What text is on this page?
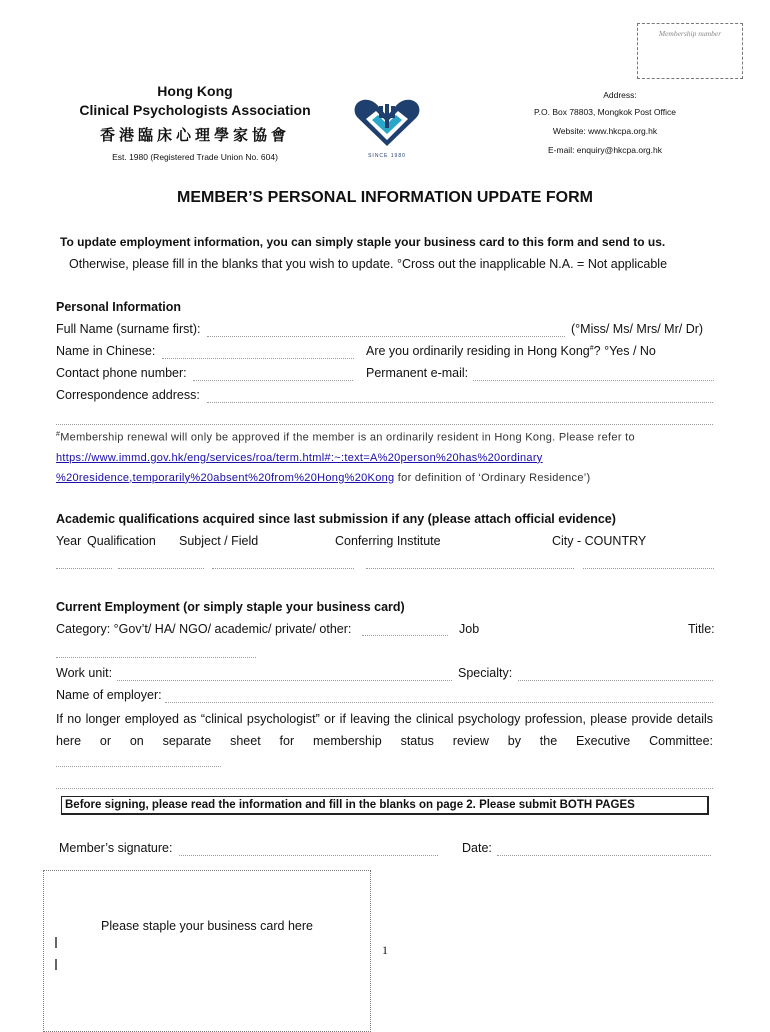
Membership number
Hong Kong
Clinical Psychologists Association
香港臨床心理學家協會
Est. 1980 (Registered Trade Union No. 604)	SINCE 1980
Address:
P.O. Box 78803, Mongkok Post Office
Website: www.hkcpa.org.hk
E-mail: enquiry@hkcpa.org.hk
MEMBER’S PERSONAL INFORMATION UPDATE FORM
To update employment information, you can simply staple your business card to this form and send to us.
Otherwise, please fill in the blanks that you wish to update. °Cross out the inapplicable N.A. = Not applicable
Personal Information
Full Name (surname first):	(°Miss/ Ms/ Mrs/ Mr/ Dr)
Name in Chinese:	Are you ordinarily residing in Hong Kong#? °Yes / No
Contact phone number:	Permanent e-mail:
Correspondence address:
#Membership renewal will only be approved if the member is an ordinarily resident in Hong Kong. Please refer to
https://www.immd.gov.hk/eng/services/roa/term.html#:~:text=A%20person%20has%20ordinary
%20residence,temporarily%20absent%20from%20Hong%20Kong for definition of ‘Ordinary Residence’)
Academic qualifications acquired since last submission if any (please attach official evidence)
Year Qualification Subject / Field	Conferring Institute	City - COUNTRY
Current Employment (or simply staple your business card)
Category: °Gov’t/ HA/ NGO/ academic/ private/ other:	Job	Title:
Work unit:	Specialty:
Name of employer:
If no longer employed as “clinical psychologist” or if leaving the clinical psychology profession, please provide details here or on separate sheet for membership status review by the Executive Committee:
Before signing, please read the information and fill in the blanks on page 2. Please submit BOTH PAGES
Member’s signature:	Date:
Please staple your business card here
1
